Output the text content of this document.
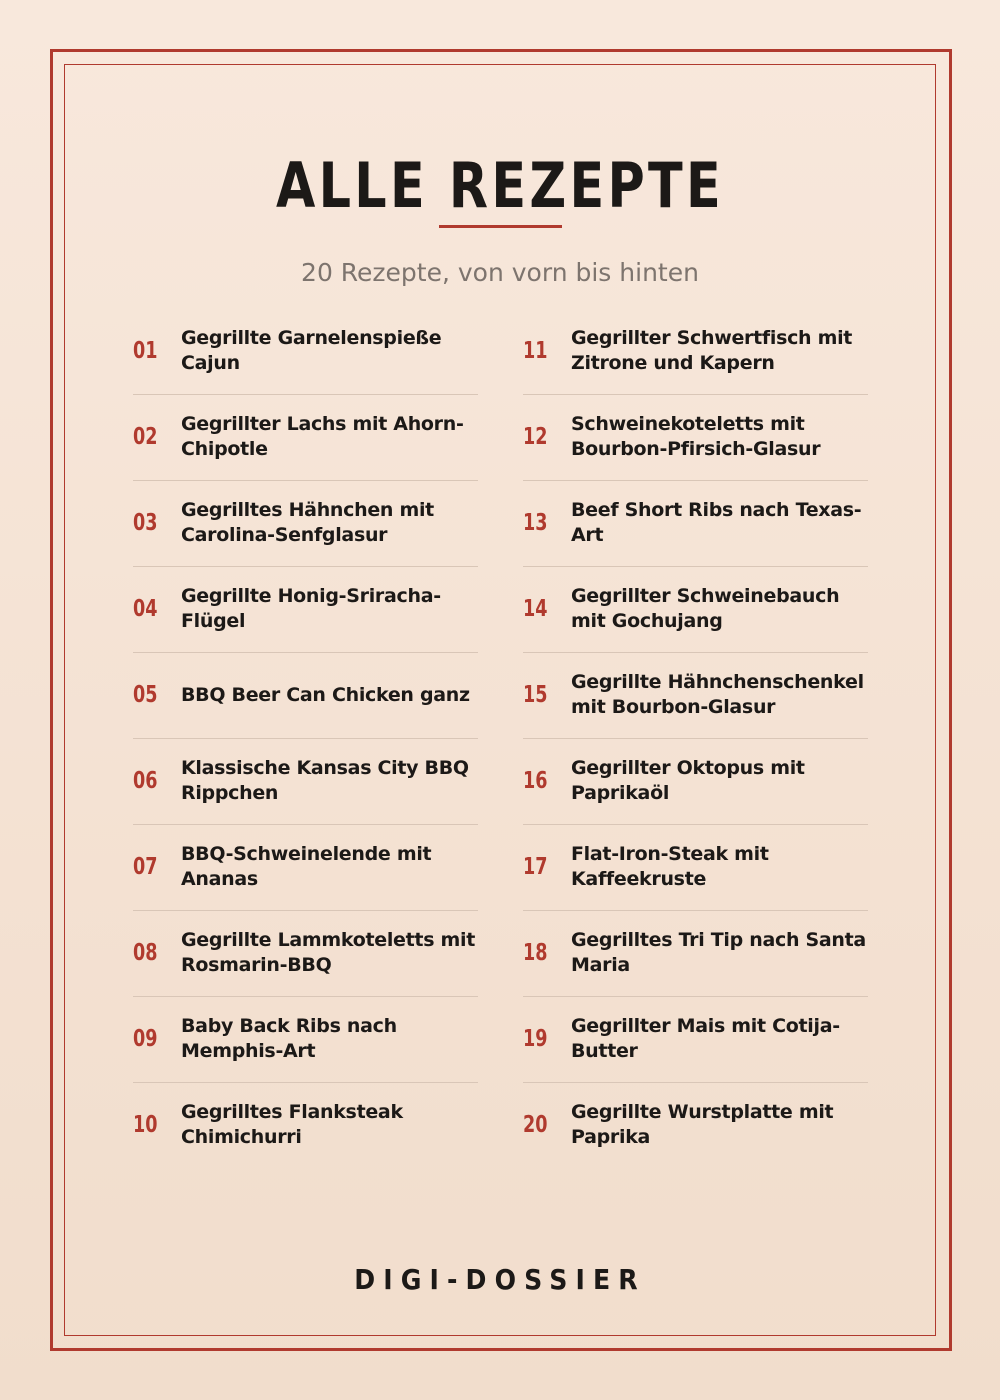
ALLE REZEPTE
20 Rezepte, von vorn bis hinten
01	Gegrillte Garnelenspieße Cajun
02	Gegrillter Lachs mit Ahorn-Chipotle
03	Gegrilltes Hähnchen mit Carolina-Senfglasur
04	Gegrillte Honig-Sriracha-Flügel
05	BBQ Beer Can Chicken ganz
06	Klassische Kansas City BBQ Rippchen
07	BBQ-Schweinelende mit Ananas
08	Gegrillte Lammkoteletts mit Rosmarin-BBQ
09	Baby Back Ribs nach Memphis-Art
10	Gegrilltes Flanksteak Chimichurri
11	Gegrillter Schwertfisch mit Zitrone und Kapern
12	Schweinekoteletts mit Bourbon-Pfirsich-Glasur
13	Beef Short Ribs nach Texas-Art
14	Gegrillter Schweinebauch mit Gochujang
15	Gegrillte Hähnchenschenkel mit Bourbon-Glasur
16	Gegrillter Oktopus mit Paprikaöl
17	Flat-Iron-Steak mit Kaffeekruste
18	Gegrilltes Tri Tip nach Santa Maria
19	Gegrillter Mais mit Cotija-Butter
20	Gegrillte Wurstplatte mit Paprika
DIGI-DOSSIER
